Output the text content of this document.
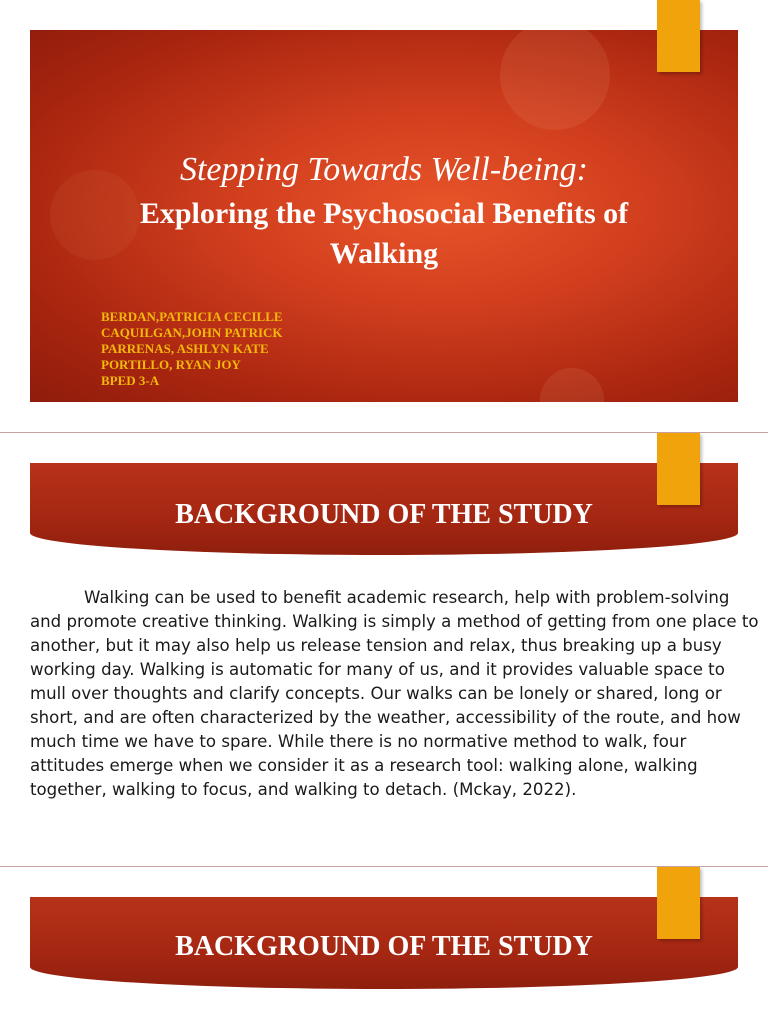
Stepping Towards Well-being:
Exploring the Psychosocial Benefits of
Walking
BERDAN,PATRICIA CECILLE
CAQUILGAN,JOHN PATRICK
PARRENAS, ASHLYN KATE
PORTILLO, RYAN JOY
BPED 3-A
BACKGROUND OF THE STUDY
Walking can be used to benefit academic research, help with problem-solving and promote creative thinking. Walking is simply a method of getting from one place to another, but it may also help us release tension and relax, thus breaking up a busy working day. Walking is automatic for many of us, and it provides valuable space to mull over thoughts and clarify concepts. Our walks can be lonely or shared, long or short, and are often characterized by the weather, accessibility of the route, and how much time we have to spare. While there is no normative method to walk, four attitudes emerge when we consider it as a research tool: walking alone, walking together, walking to focus, and walking to detach. (Mckay, 2022).
BACKGROUND OF THE STUDY
